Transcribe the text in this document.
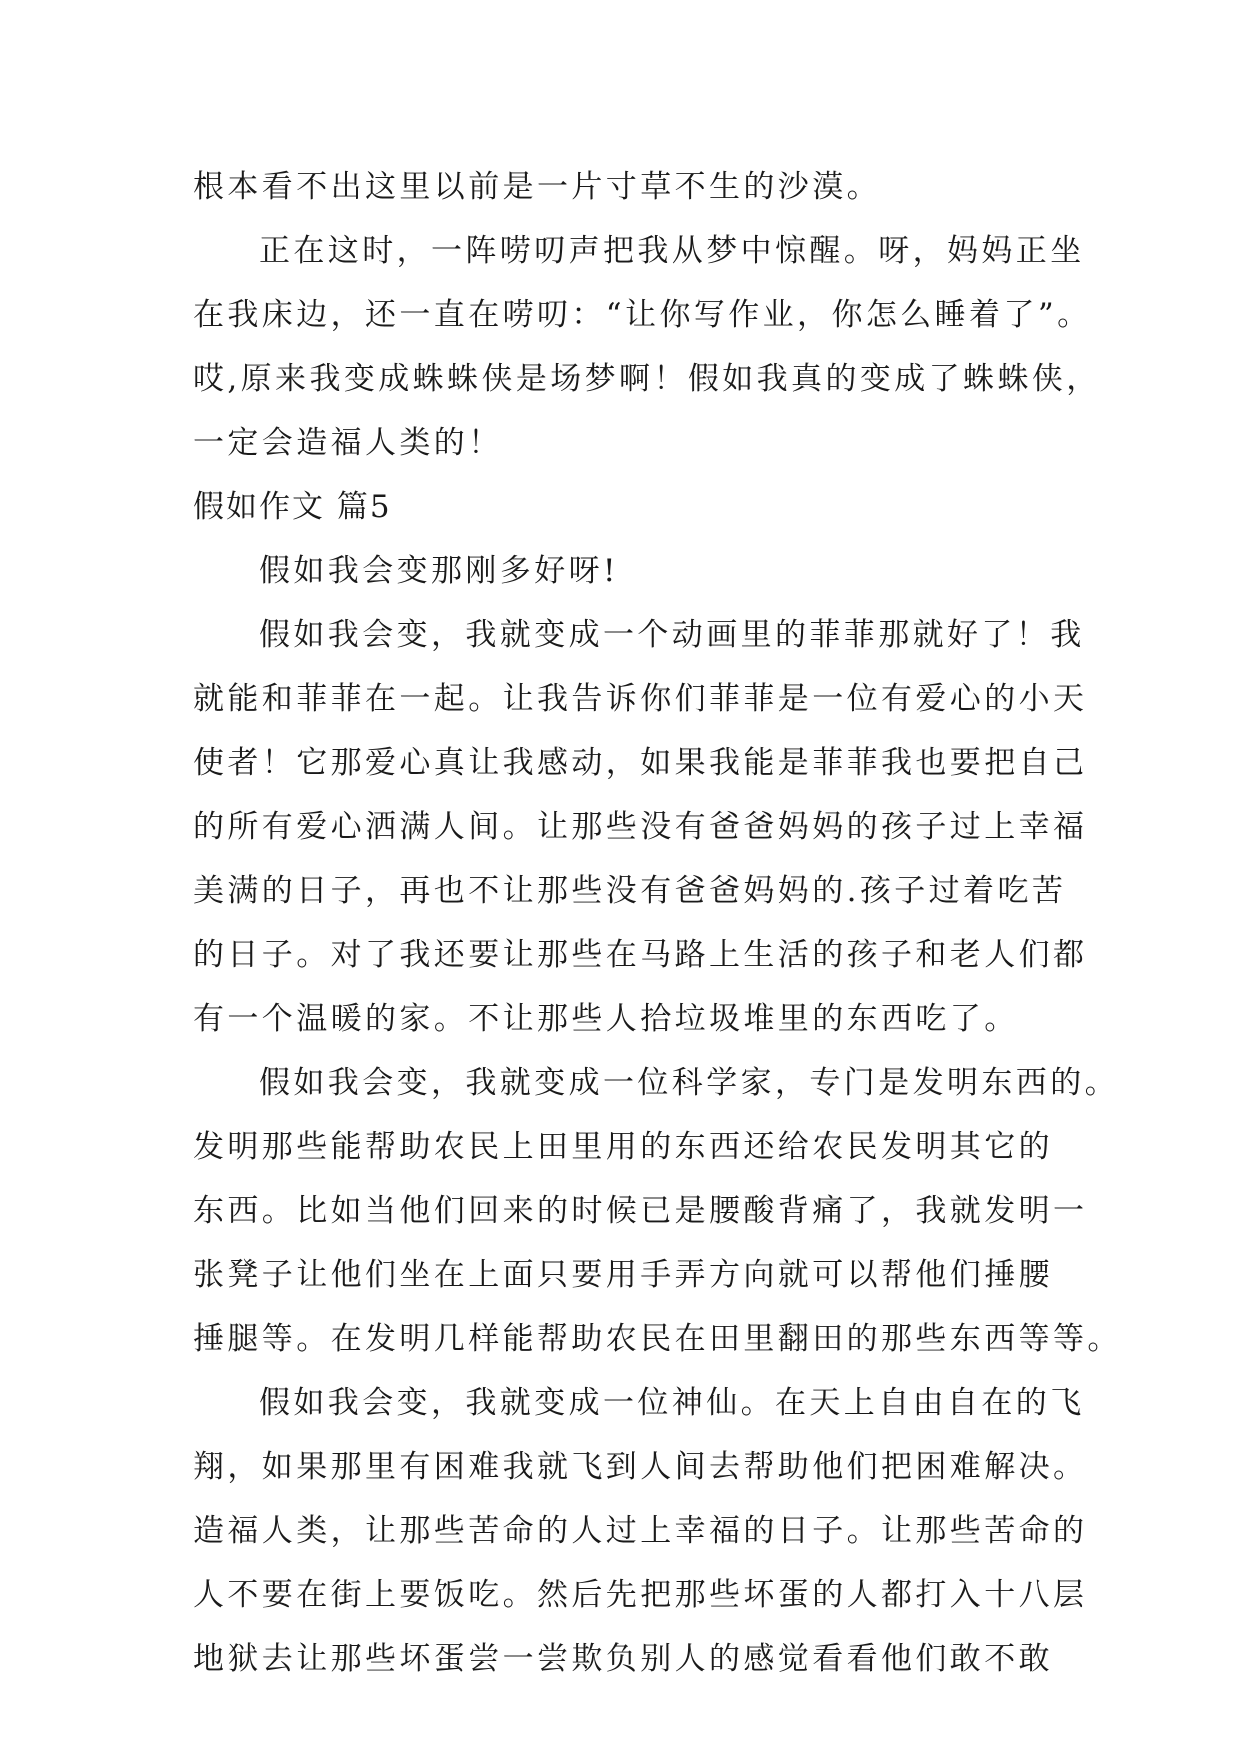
根本看不出这里以前是一片寸草不生的沙漠。
正在这时，一阵唠叨声把我从梦中惊醒。呀，妈妈正坐
在我床边，还一直在唠叨：“让你写作业，你怎么睡着了”。
哎,原来我变成蛛蛛侠是场梦啊！假如我真的变成了蛛蛛侠，
一定会造福人类的！
假如作文 篇5
假如我会变那刚多好呀!
假如我会变，我就变成一个动画里的菲菲那就好了！我
就能和菲菲在一起。让我告诉你们菲菲是一位有爱心的小天
使者！它那爱心真让我感动，如果我能是菲菲我也要把自己
的所有爱心洒满人间。让那些没有爸爸妈妈的孩子过上幸福
美满的日子，再也不让那些没有爸爸妈妈的.孩子过着吃苦
的日子。对了我还要让那些在马路上生活的孩子和老人们都
有一个温暖的家。不让那些人拾垃圾堆里的东西吃了。
假如我会变，我就变成一位科学家，专门是发明东西的。
发明那些能帮助农民上田里用的东西还给农民发明其它的
东西。比如当他们回来的时候已是腰酸背痛了，我就发明一
张凳子让他们坐在上面只要用手弄方向就可以帮他们捶腰
捶腿等。在发明几样能帮助农民在田里翻田的那些东西等等。
假如我会变，我就变成一位神仙。在天上自由自在的飞
翔，如果那里有困难我就飞到人间去帮助他们把困难解决。
造福人类，让那些苦命的人过上幸福的日子。让那些苦命的
人不要在街上要饭吃。然后先把那些坏蛋的人都打入十八层
地狱去让那些坏蛋尝一尝欺负别人的感觉看看他们敢不敢
